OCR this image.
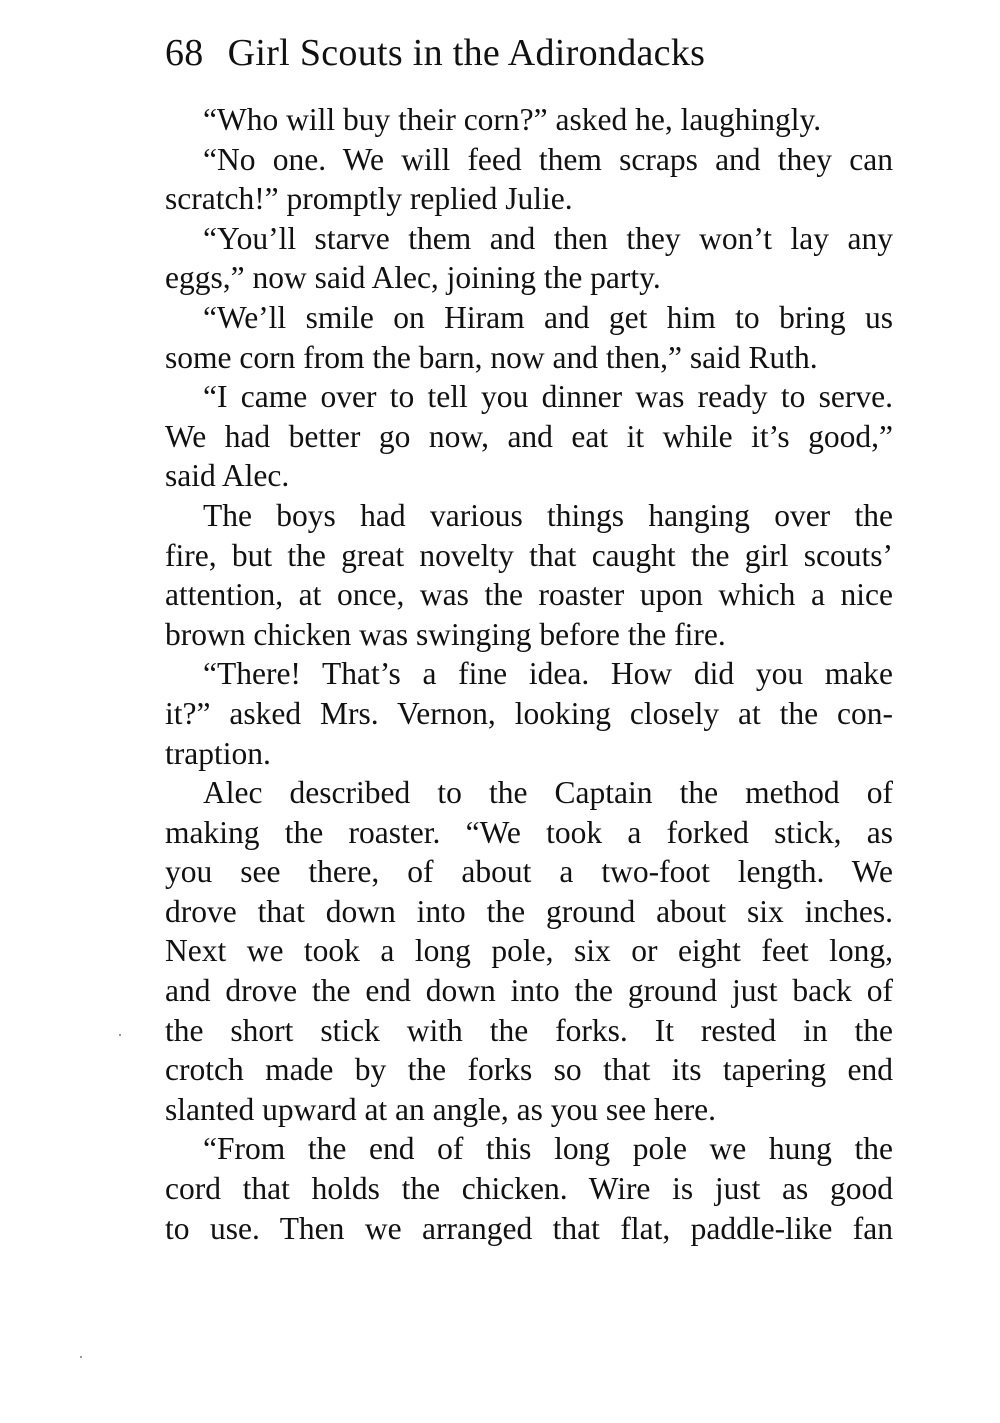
68 Girl Scouts in the Adirondacks
“Who will buy their corn?” asked he, laughingly.
“No one. We will feed them scraps and they can
scratch!” promptly replied Julie.
“You’ll starve them and then they won’t lay any
eggs,” now said Alec, joining the party.
“We’ll smile on Hiram and get him to bring us
some corn from the barn, now and then,” said Ruth.
“I came over to tell you dinner was ready to serve.
We had better go now, and eat it while it’s good,”
said Alec.
The boys had various things hanging over the
fire, but the great novelty that caught the girl scouts’
attention, at once, was the roaster upon which a nice
brown chicken was swinging before the fire.
“There! That’s a fine idea. How did you make
it?” asked Mrs. Vernon, looking closely at the con-
traption.
Alec described to the Captain the method of
making the roaster. “We took a forked stick, as
you see there, of about a two-foot length. We
drove that down into the ground about six inches.
Next we took a long pole, six or eight feet long,
and drove the end down into the ground just back of
the short stick with the forks. It rested in the
crotch made by the forks so that its tapering end
slanted upward at an angle, as you see here.
“From the end of this long pole we hung the
cord that holds the chicken. Wire is just as good
to use. Then we arranged that flat, paddle-like fan
